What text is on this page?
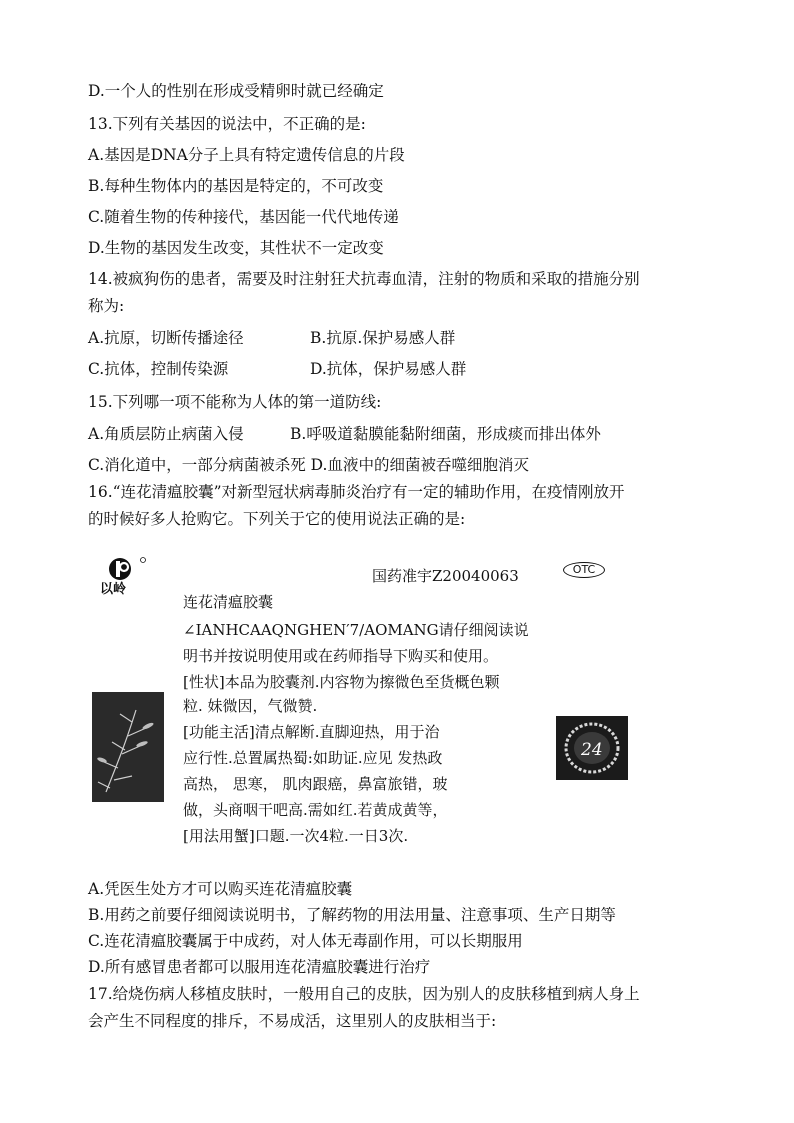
D.一个人的性别在形成受精卵时就已经确定
13.下列有关基因的说法中，不正确的是:
A.基因是DNA分子上具有特定遗传信息的片段
B.每种生物体内的基因是特定的，不可改变
C.随着生物的传种接代，基因能一代代地传递
D.生物的基因发生改变，其性状不一定改变
14.被疯狗伤的患者，需要及时注射狂犬抗毒血清，注射的物质和采取的措施分别
称为:
A.抗原，切断传播途径	B.抗原.保护易感人群
C.抗体，控制传染源	D.抗体，保护易感人群
15.下列哪一项不能称为人体的第一道防线:
A.角质层防止病菌入侵	B.呼吸道黏膜能黏附细菌，形成痰而排出体外
C.消化道中，一部分病菌被杀死 D.血液中的细菌被吞噬细胞消灭
16.“连花清瘟胶囊”对新型冠状病毒肺炎治疗有一定的辅助作用，在疫情刚放开
的时候好多人抢购它。下列关于它的使用说法正确的是:
以岭
国药准宇Z20040063	OTC
连花清瘟胶囊
∠IANHCAAQNGHEN′7/AOMANG请仔细阅读说
明书并按说明使用或在药师指导下购买和使用。
[性状]本品为胶囊剂.内容物为擦微色至货概色颗
粒. 妹微因，气微赞.
[功能主活]清点解断.直脚迎热，用于治
应行性.总置属热蜀:如助证.应见 发热政
高热， 思寒， 肌肉跟癌，鼻富旅错，玻
做，头商咽干吧高.需如红.若黄成黄等，
[用法用蟹]口题.一次4粒.一日3次.
24
A.凭医生处方才可以购买连花清瘟胶囊
B.用药之前要仔细阅读说明书，了解药物的用法用量、注意事项、生产日期等
C.连花清瘟胶囊属于中成药，对人体无毒副作用，可以长期服用
D.所有感冒患者都可以服用连花清瘟胶囊进行治疗
17.给烧伤病人移植皮肤时，一般用自己的皮肤，因为别人的皮肤移植到病人身上
会产生不同程度的排斥，不易成活，这里别人的皮肤相当于:
